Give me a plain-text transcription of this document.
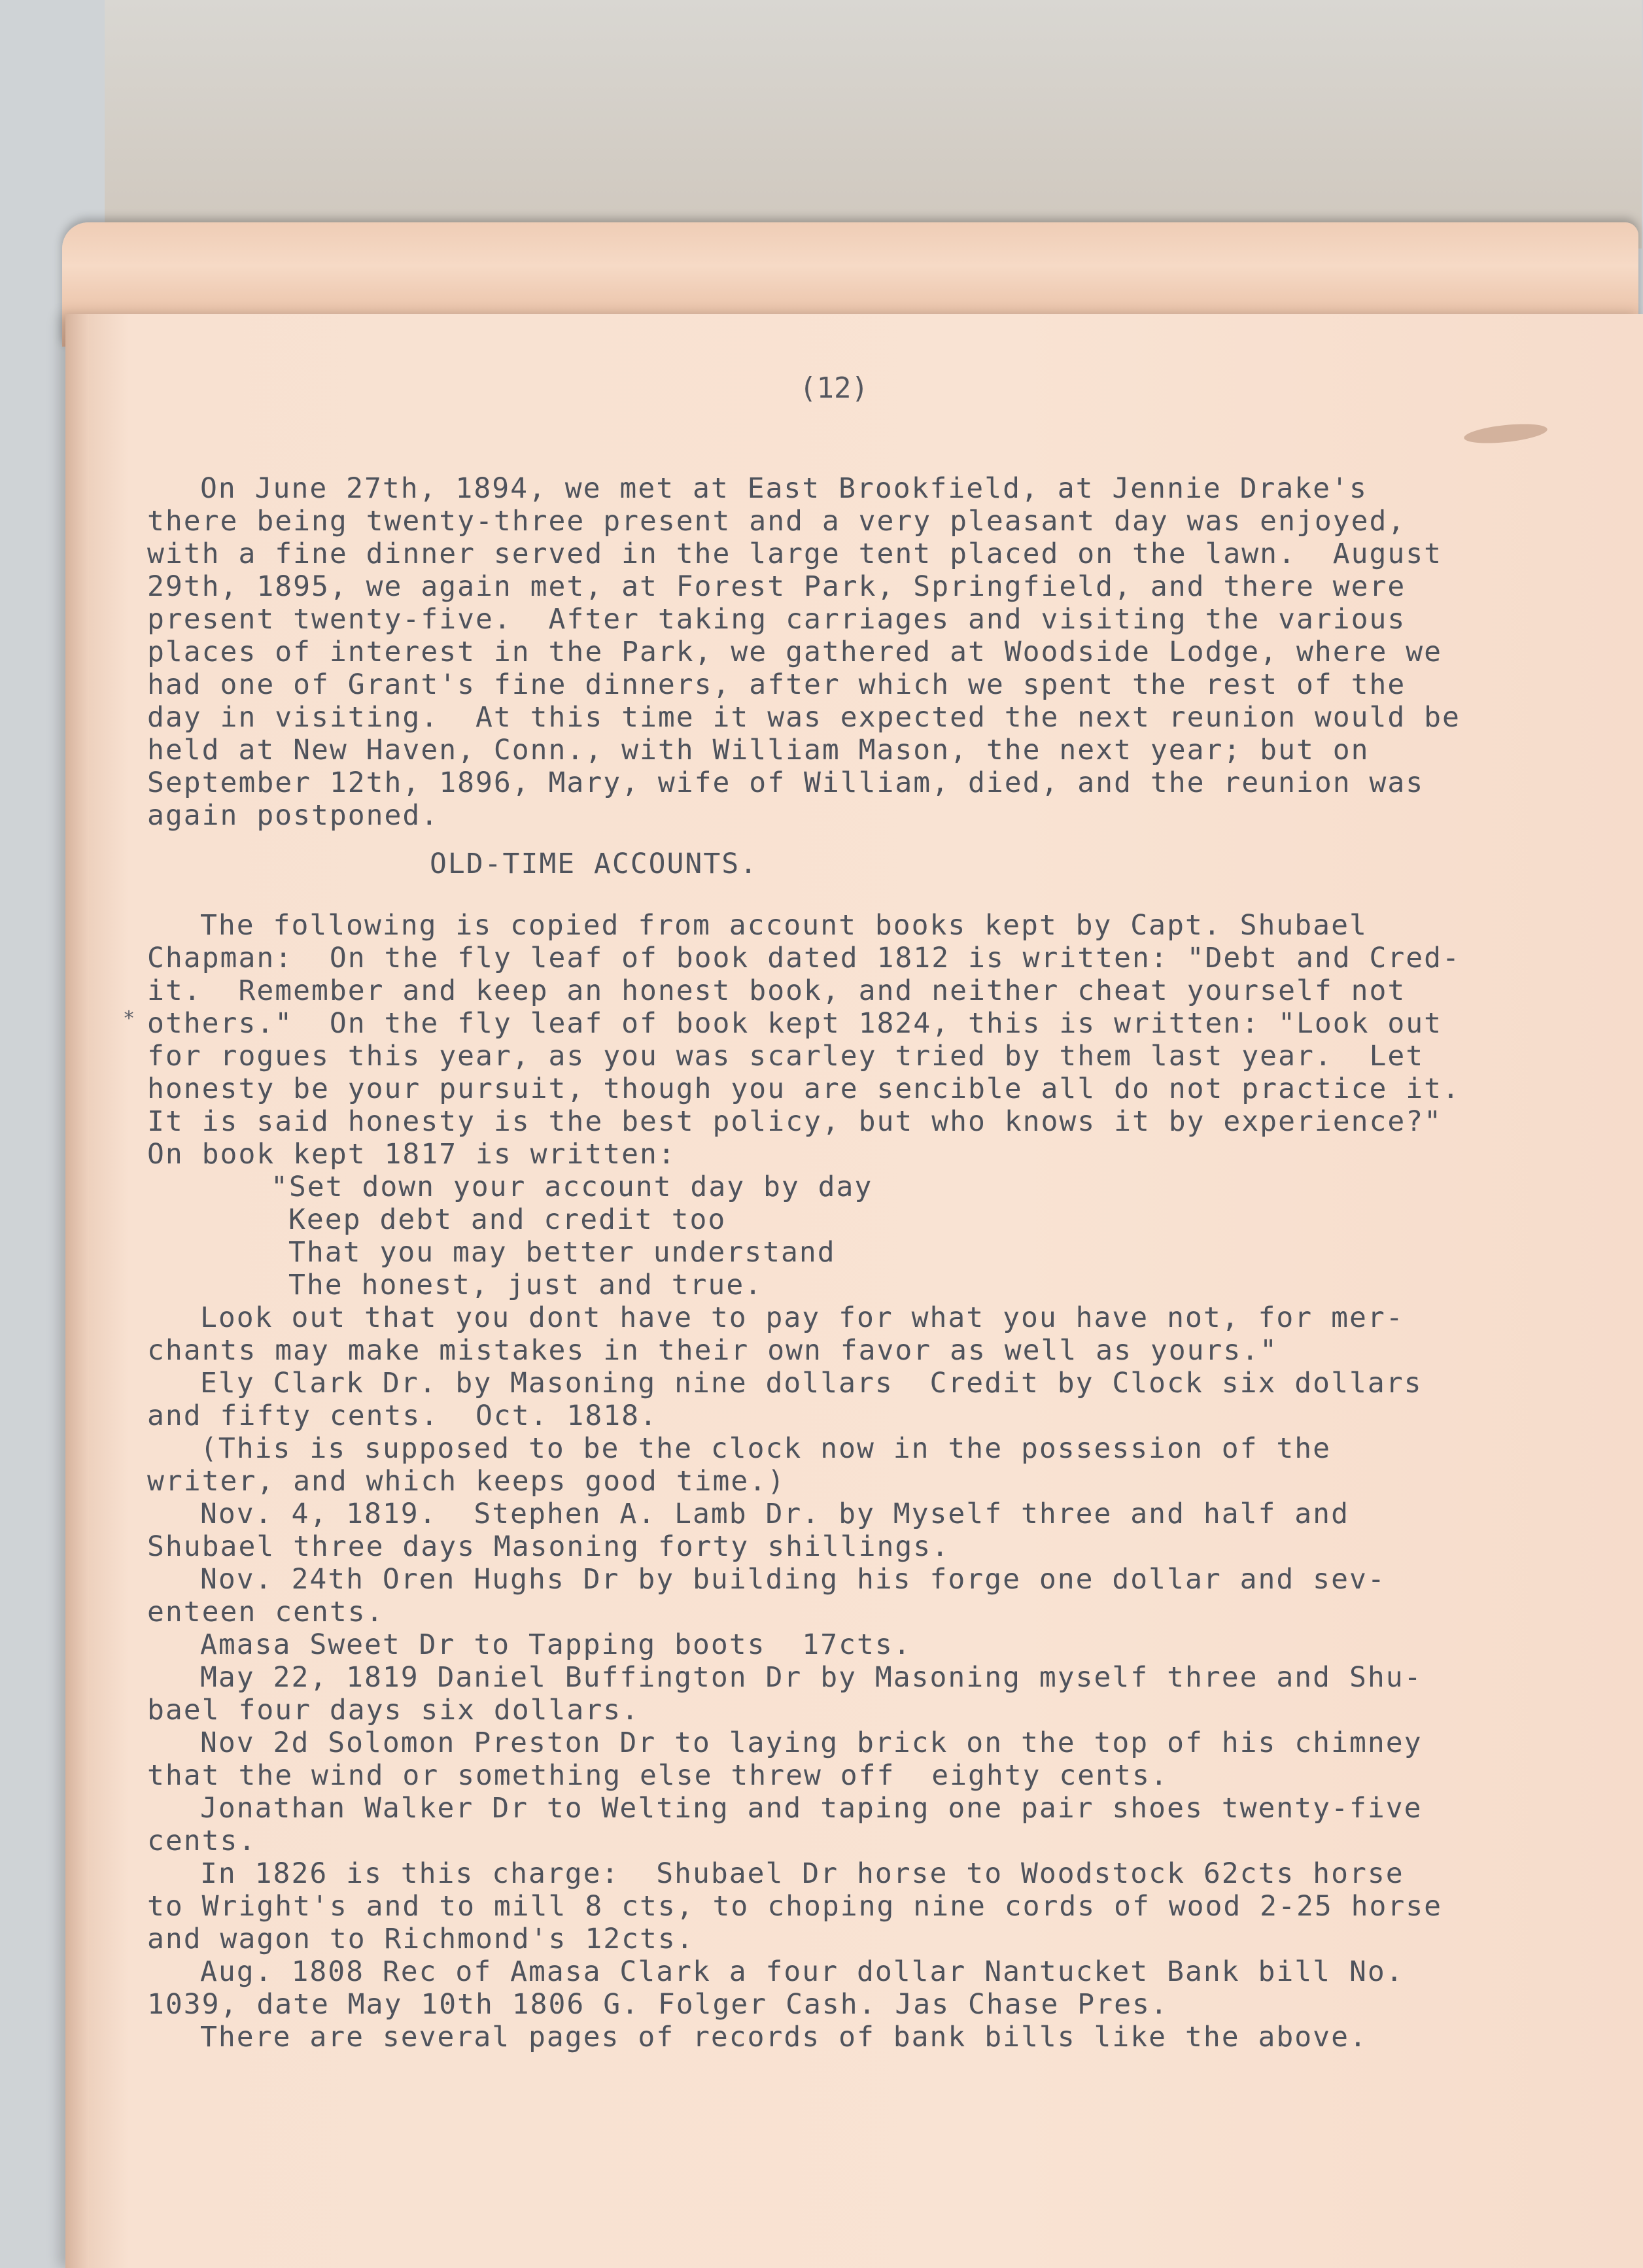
(12)
*
On June 27th, 1894, we met at East Brookfield, at Jennie Drake's
there being twenty-three present and a very pleasant day was enjoyed,
with a fine dinner served in the large tent placed on the lawn.  August
29th, 1895, we again met, at Forest Park, Springfield, and there were
present twenty-five.  After taking carriages and visiting the various
places of interest in the Park, we gathered at Woodside Lodge, where we
had one of Grant's fine dinners, after which we spent the rest of the
day in visiting.  At this time it was expected the next reunion would be
held at New Haven, Conn., with William Mason, the next year; but on
September 12th, 1896, Mary, wife of William, died, and the reunion was
again postponed.
OLD-TIME ACCOUNTS.
The following is copied from account books kept by Capt. Shubael
Chapman:  On the fly leaf of book dated 1812 is written: "Debt and Cred-
it.  Remember and keep an honest book, and neither cheat yourself not
others."  On the fly leaf of book kept 1824, this is written: "Look out
for rogues this year, as you was scarley tried by them last year.  Let
honesty be your pursuit, though you are sencible all do not practice it.
It is said honesty is the best policy, but who knows it by experience?"
On book kept 1817 is written:
"Set down your account day by day
Keep debt and credit too
That you may better understand
The honest, just and true.
Look out that you dont have to pay for what you have not, for mer-
chants may make mistakes in their own favor as well as yours."
Ely Clark Dr. by Masoning nine dollars  Credit by Clock six dollars
and fifty cents.  Oct. 1818.
(This is supposed to be the clock now in the possession of the
writer, and which keeps good time.)
Nov. 4, 1819.  Stephen A. Lamb Dr. by Myself three and half and
Shubael three days Masoning forty shillings.
Nov. 24th Oren Hughs Dr by building his forge one dollar and sev-
enteen cents.
Amasa Sweet Dr to Tapping boots  17cts.
May 22, 1819 Daniel Buffington Dr by Masoning myself three and Shu-
bael four days six dollars.
Nov 2d Solomon Preston Dr to laying brick on the top of his chimney
that the wind or something else threw off  eighty cents.
Jonathan Walker Dr to Welting and taping one pair shoes twenty-five
cents.
In 1826 is this charge:  Shubael Dr horse to Woodstock 62cts horse
to Wright's and to mill 8 cts, to choping nine cords of wood 2-25 horse
and wagon to Richmond's 12cts.
Aug. 1808 Rec of Amasa Clark a four dollar Nantucket Bank bill No.
1039, date May 10th 1806 G. Folger Cash. Jas Chase Pres.
There are several pages of records of bank bills like the above.
